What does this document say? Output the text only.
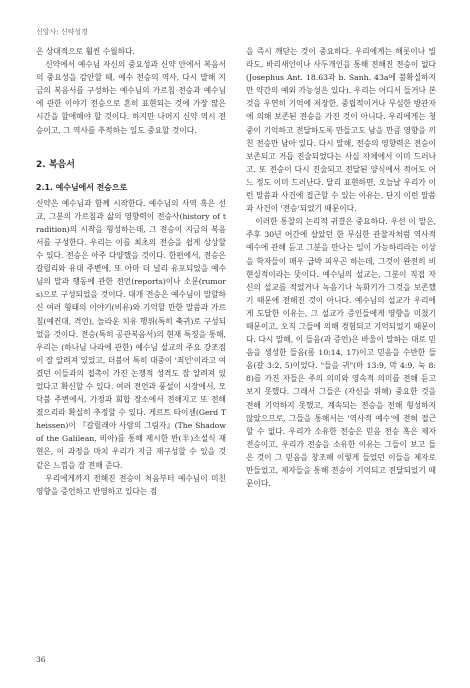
신앙사: 신약성경

은 상대적으로 훨씬 수월하다.

신약에서 예수님 자신의 중요성과 신약 안에서 복음서의 중요성을 감안할 때, 예수 전승의 역사, 다시 말해 지금의 복음서를 구성하는 예수님의 가르침 전승과 예수님에 관한 이야기 전승으로 흔히 표현되는 것에 가장 많은 시간을 할애해야 할 것이다. 하지만 나머지 신약 역시 전승이고, 그 역사를 추적하는 일도 중요할 것이다.

2. 복음서
2.1. 예수님에서 전승으로

신약은 예수님과 함께 시작한다. 예수님의 사역 혹은 선교, 그분의 가르침과 삶의 영향력이 전승사(history of tradition)의 시작을 형성하는데, 그 전승이 지금의 복음서를 구성한다. 우리는 이를 최초의 전승을 쉽게 상상할 수 있다. 전승은 아주 다양했을 것이다. 한편에서, 전승은 갈릴리와 유대 주변에, 또 아마 더 널리 유포되었을 예수님의 말과 행동에 관한 전언(reports)이나 소문(rumors)으로 구성되었을 것이다. 대개 전승은 예수님이 말할하신 여러 형태의 이야기(비유)와 기억할 만한 말씀과 가르침(예컨대, 격언), 놀라운 치유 행위(특히 축귀)로 구성되었을 것이다. 전승(특히 공관복음서)의 현재 특징을 통해, 우리는 (하나님 나라에 관한) 예수님 설교의 주요 강조점이 잘 알려져 있었고, 더불어 특히 대중이 '죄인'이라고 여겼던 이들과의 접촉이 가진 논쟁적 성격도 잘 알려져 있었다고 확신할 수 있다. 여러 전언과 풍설이 시장에서, 모닥불 주변에서, 가정과 회합 장소에서 전해지고 또 전해졌으리라 확실히 추정할 수 있다. 게르트 타이센(Gerd Theissen)이 『갈릴래아 사람의 그림자』(The Shadow of the Galilean, 비아)를 통해 제시한 반(半)소설식 재현은, 이 과정을 마치 우리가 지금 재구성할 수 있을 것 같은 느낌을 잘 전해 준다.

우리에게까지 전해진 전승이 처음부터 예수님이 미친 영향을 증언하고 반영하고 있다는 점

을 즉시 깨닫는 것이 중요하다. 우리에게는 해롯이나 빌라도, 바리새인이나 사두개인을 통해 전해진 전승이 없다(Josephus Ant. 18.63과 b. Sanh. 43a에 불확실하지만 약간의 예외 가능성은 있다). 우리는 어디서 들거나 본 것을 우연히 기억에 저장한, 중립적이거나 무심한 방관자에 의해 보존된 전승을 가진 것이 아니다. 우리에게는 청중이 기억하고 전달하도록 만들고도 남을 만큼 영향을 끼친 전승만 남아 있다. 다시 말해, 전승의 영향력은 전승이 보존되고 거듭 진술되었다는 사실 자체에서 이미 드러나고, 또 전승이 다시 진술되고 전달된 양식에서 적어도 어느 정도 이미 드러난다. 달리 표현하면, 오늘날 우리가 이런 말씀과 사건에 접근할 수 있는 이유는, 단지 이런 말씀과 사건이 '전승'되었기 때문이다.

이러한 통찰의 논리적 귀결은 중요하다. 우선 이 말은, 주후 30년 어간에 살았던 한 무심한 관찰자처럼 역사적 예수에 관해 듣고 그분을 만나는 일이 가능하리라는 이상을 학자들이 매우 급박 피우곤 하는데, 그것이 완전히 비현실적이라는 뜻이다. 예수님의 설교는, 그분이 직접 자신의 설교를 적었거나 녹음기나 녹화기가 그것을 보존했기 때문에 전해진 것이 아니다. 예수님의 설교가 우리에게 도달한 이유는, 그 설교가 증인들에게 영향을 미쳤기 때문이고, 오직 그들에 의해 경험되고 기억되었기 때문이다. 다시 말해, 이 들음(과 증언)은 바울이 말하는 대로 믿음을 생성한 들음(롬 10:14, 17)이고 믿음을 수반한 들음(갈 3:2, 5)이었다. "들을 귀"(마 13:9, 막 4:9, 눅 8:8)를 가진 자들은 주의 의미와 영속적 의미를 전해 듣고 보지 못했다. 그래서 그들은 (자신을 위해) 중요한 것을 전해 기억하지 못했고, 계속되는 전승을 전해 형성하지 않았으므로, 그들을 통해서는 '역사적 예수'에 전혀 접근할 수 없다. 우리가 소유한 전승은 믿음 전승 혹은 제자 전승이고, 우리가 전승을 소유한 이유는 그들이 보고 들은 것이 그 믿음을 창조해 이렇게 들었던 이들을 제자로 만들었고, 제자들을 통해 전승이 기억되고 전달되었기 때문이다.

36
